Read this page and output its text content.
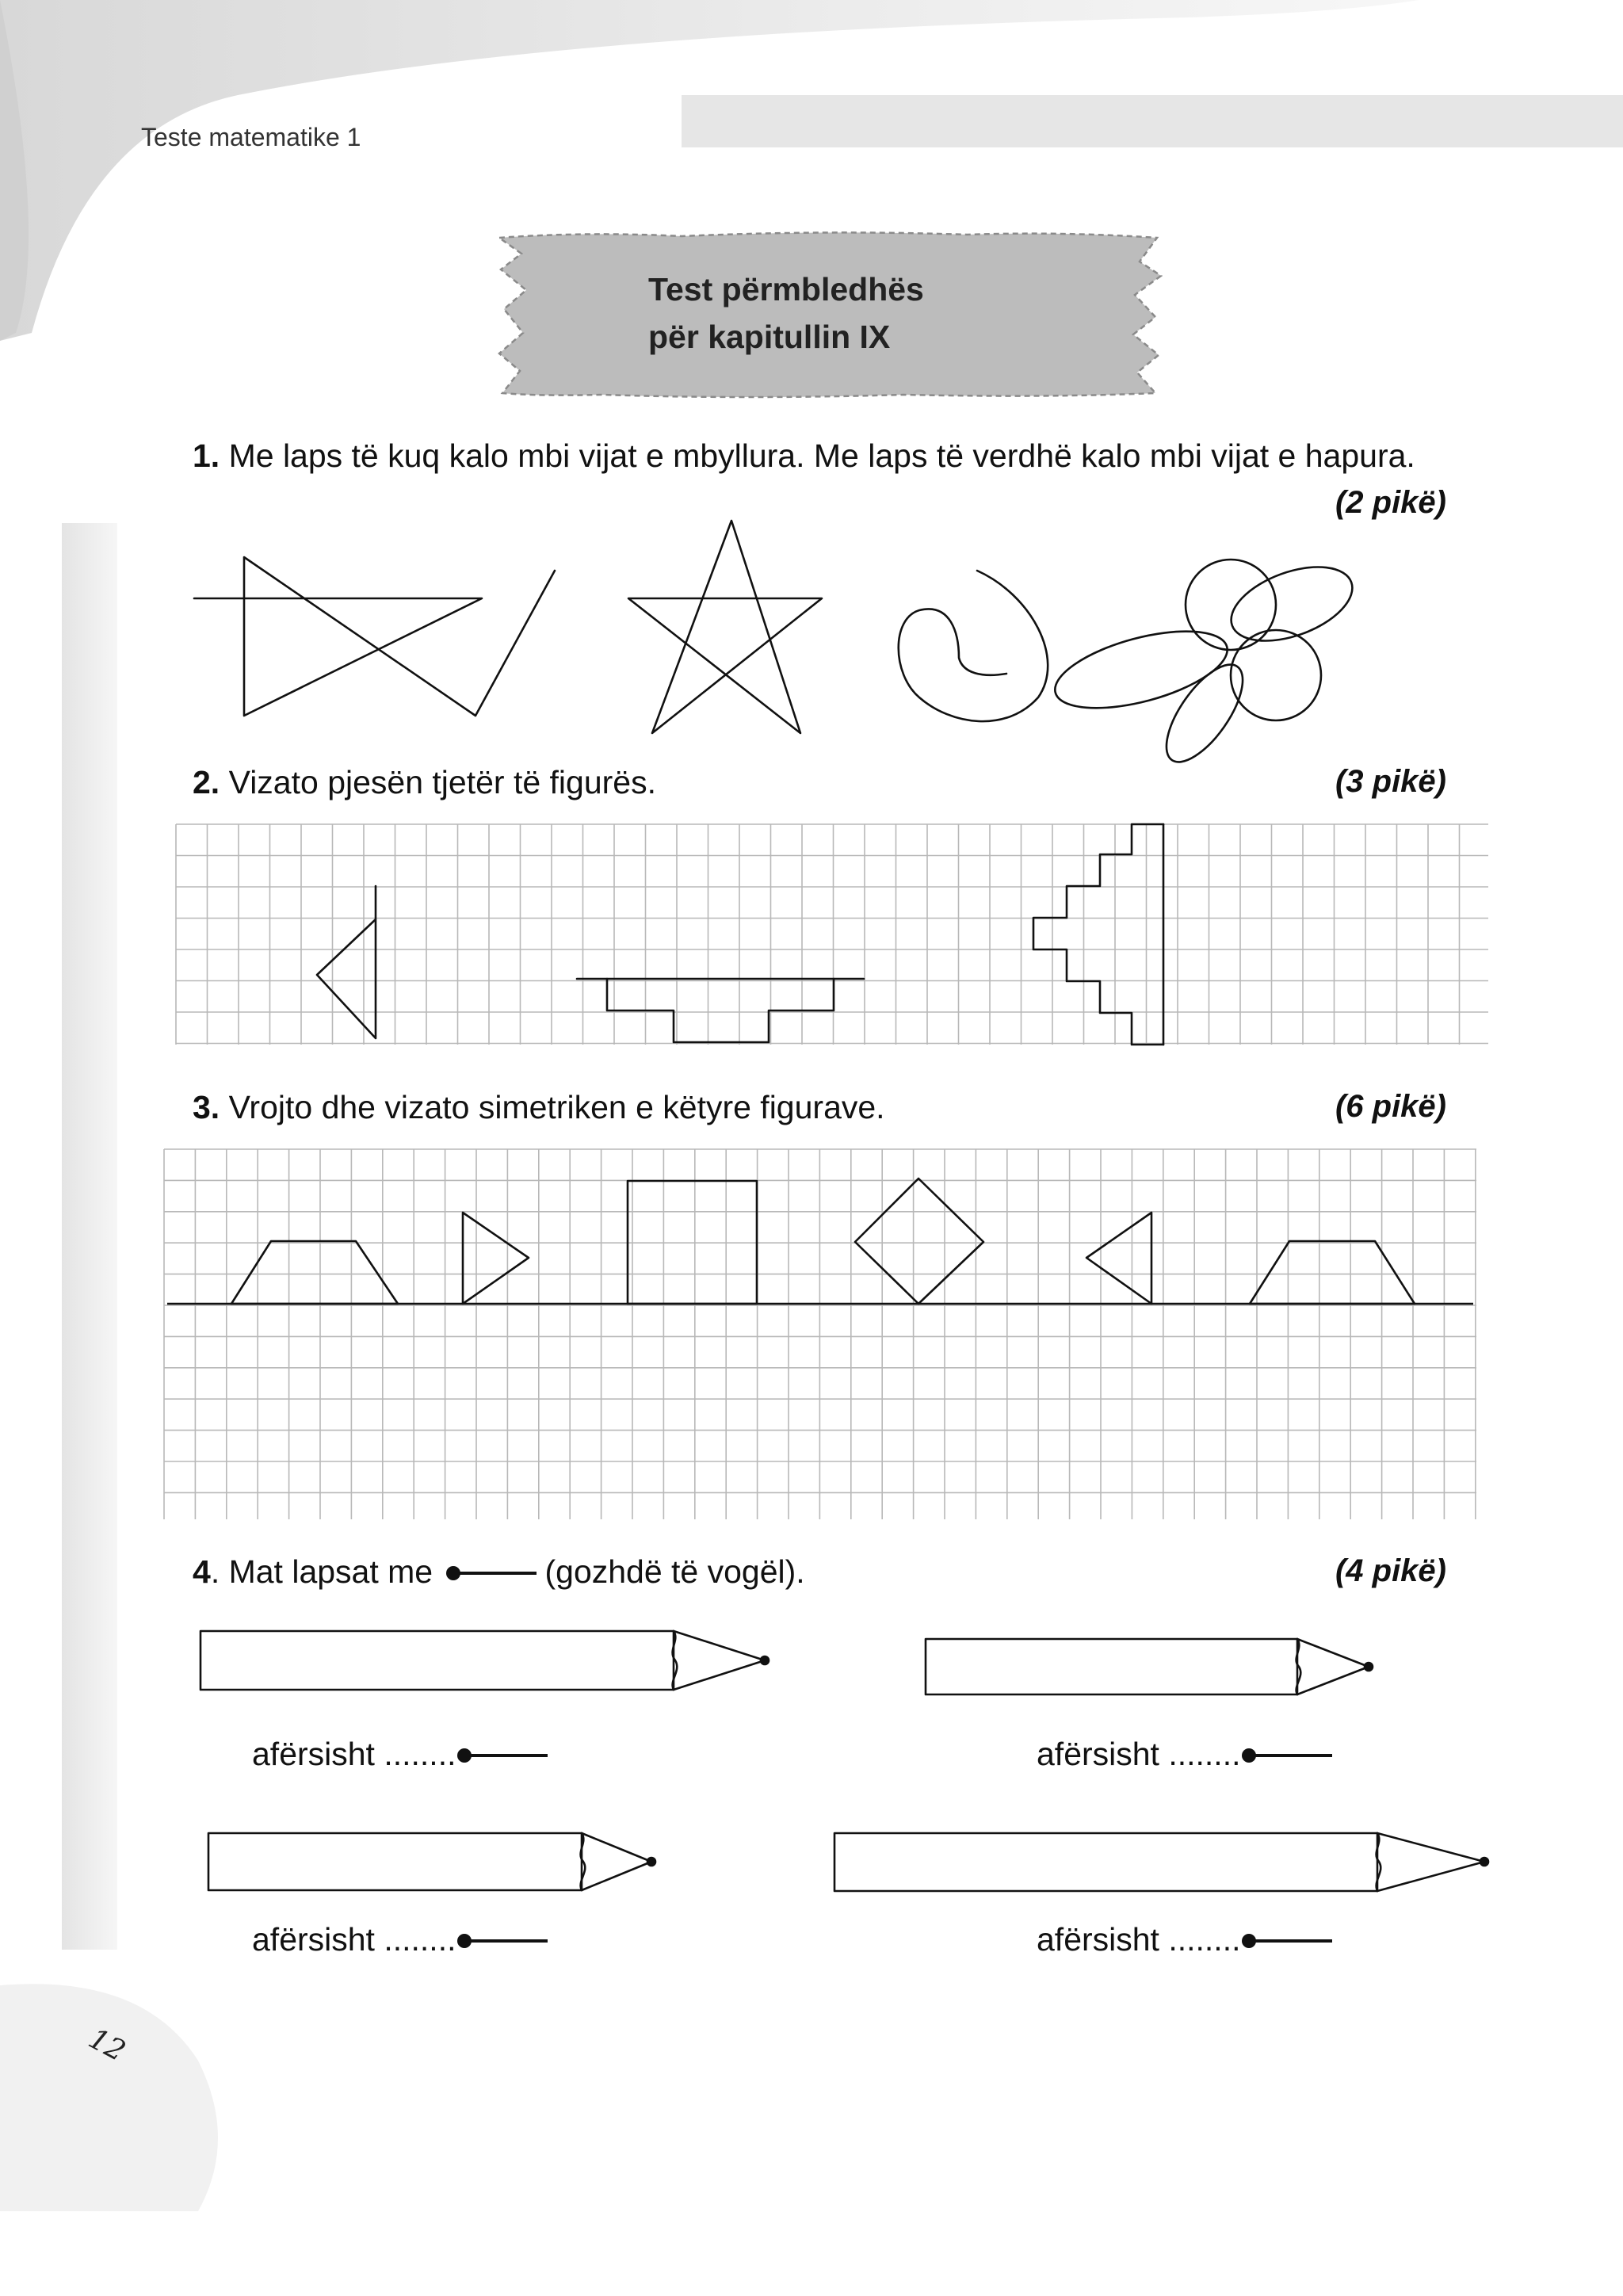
Teste matematike 1
Test përmbledhës
për kapitullin IX
1. Me laps të kuq kalo mbi vijat e mbyllura. Me laps të verdhë kalo mbi vijat e hapura.
(2 pikë)
2. Vizato pjesën tjetër të figurës.	(3 pikë)
3. Vrojto dhe vizato simetriken e këtyre figurave.	(6 pikë)
4. Mat lapsat me	(gozhdë të vogël).	(4 pikë)
afërsisht ........	afërsisht ........
afërsisht ........	afërsisht ........
12
